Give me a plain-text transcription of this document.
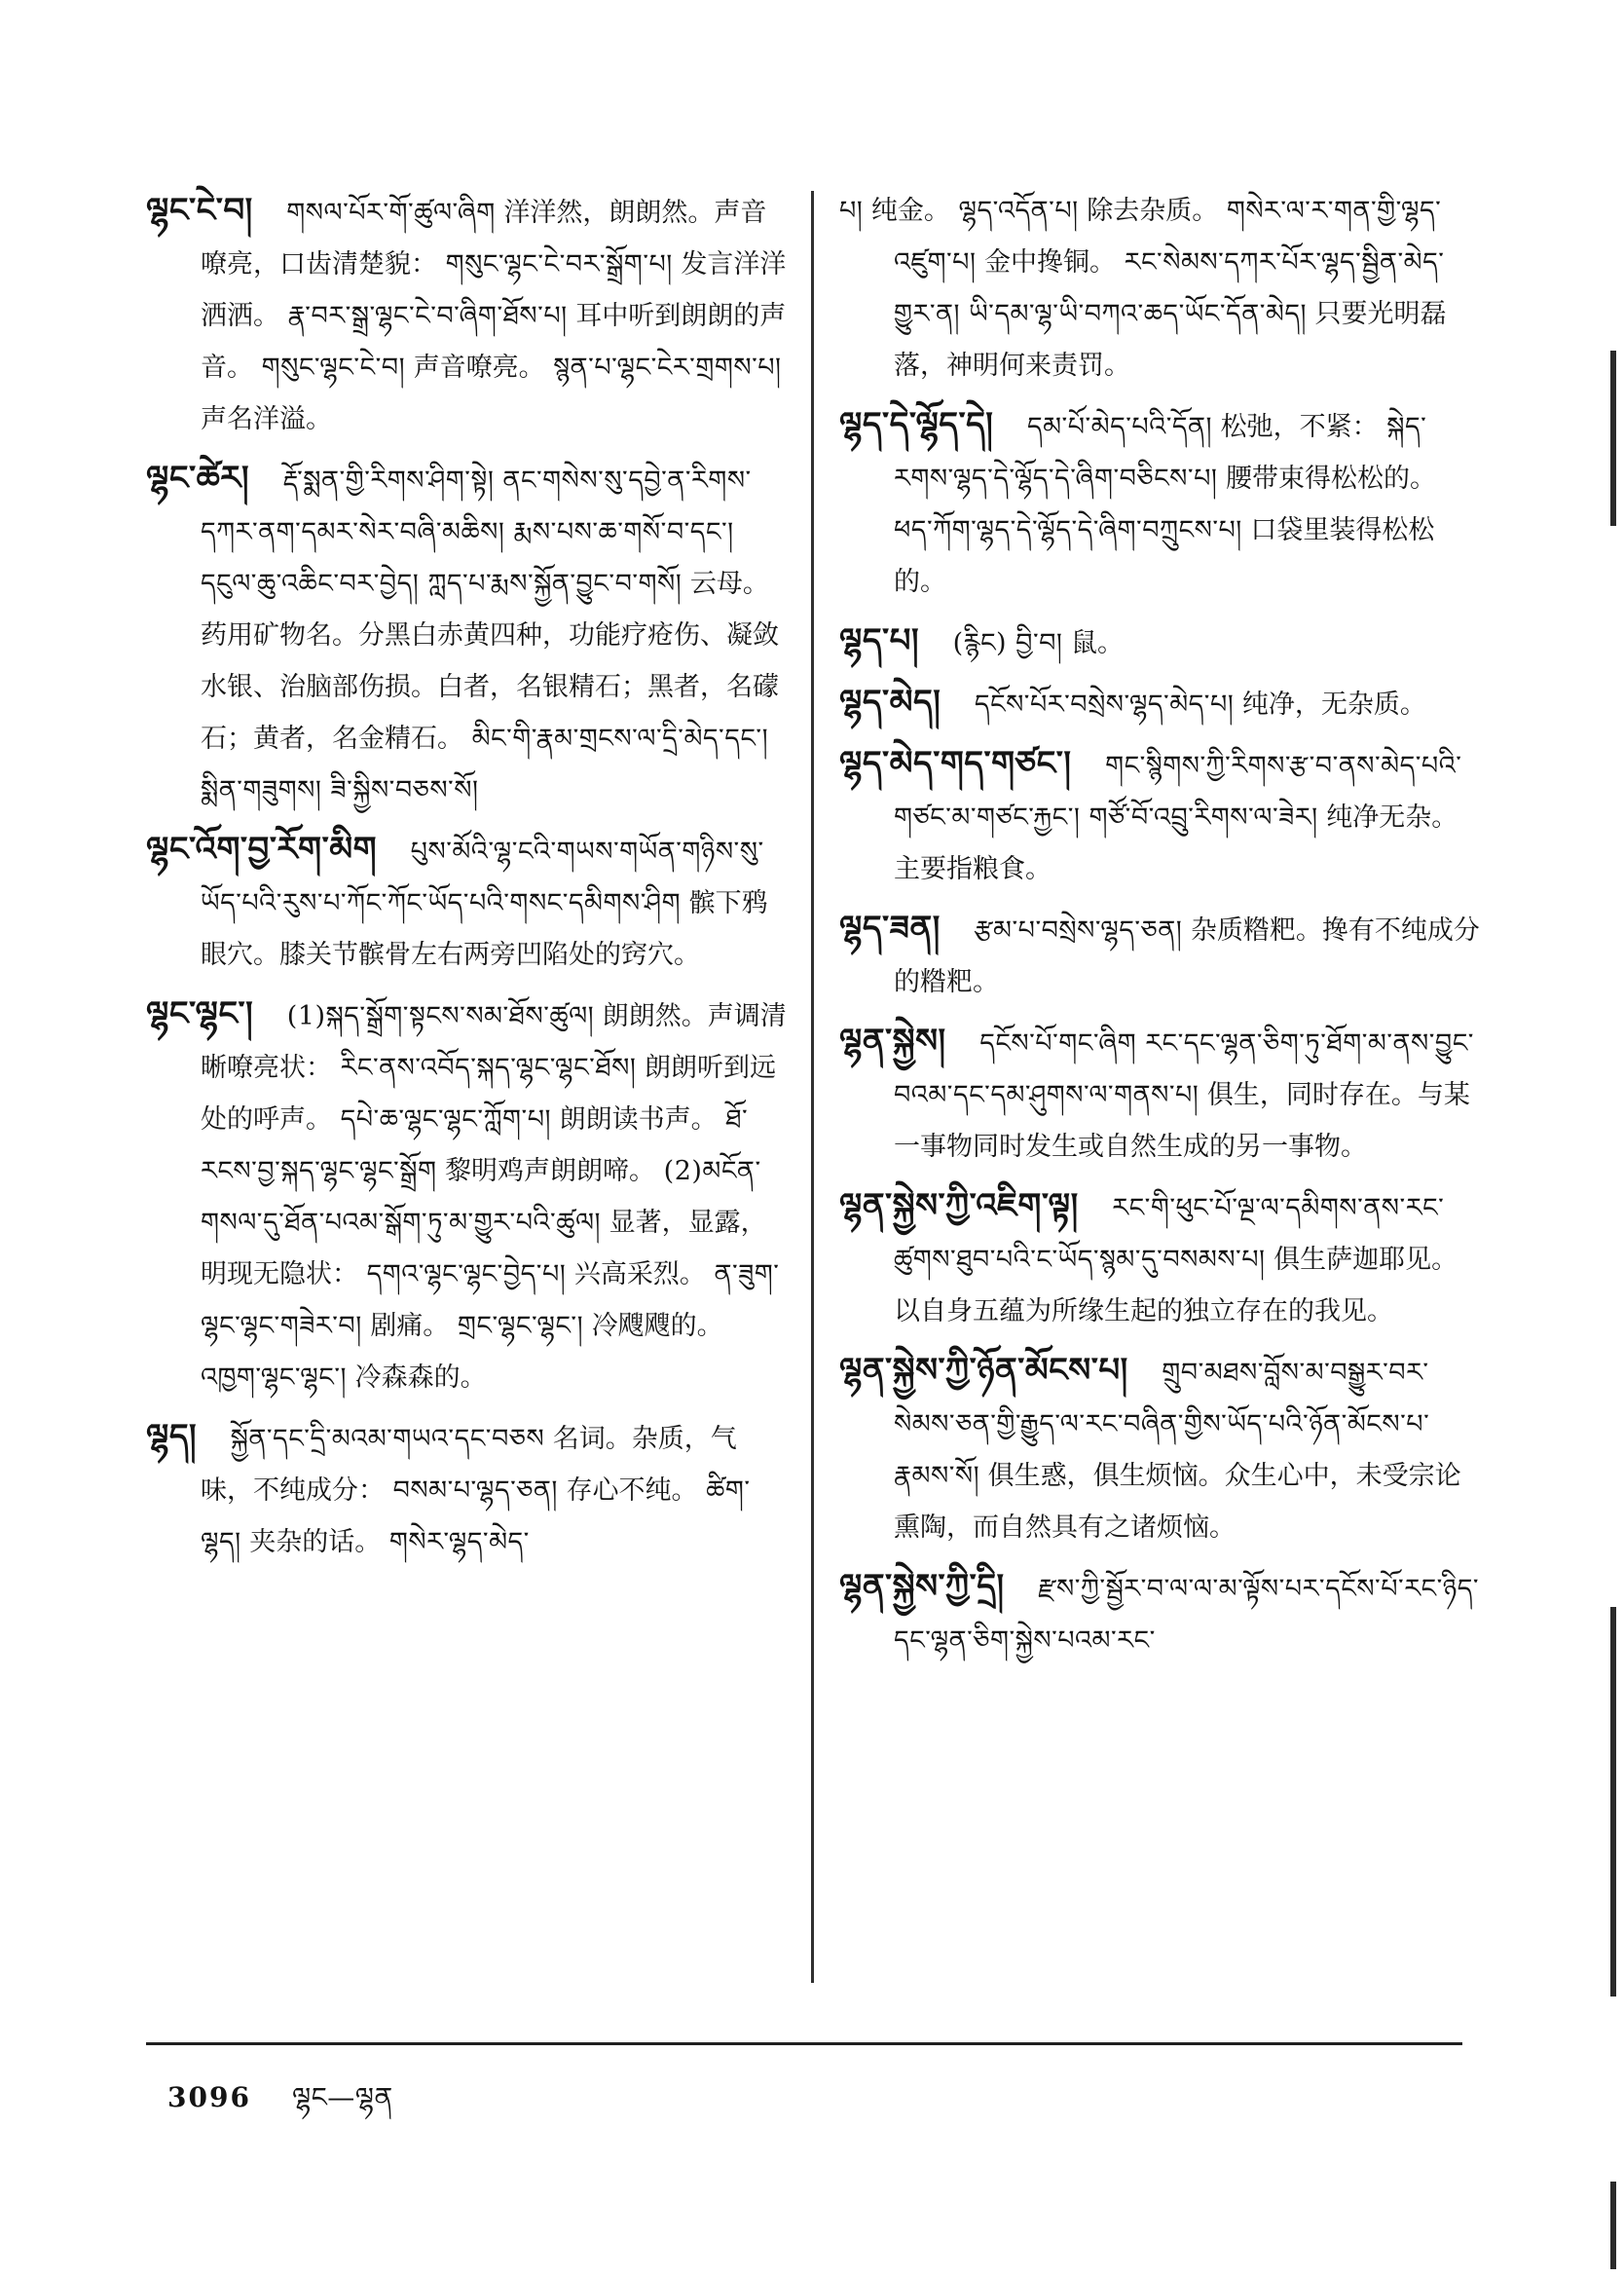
ལྷང་ངེ་བ། གསལ་པོར་གོ་ཚུལ་ཞིག 洋洋然，朗朗然。声音嘹亮，口齿清楚貌： གསུང་ལྷང་ངེ་བར་སྒྲོག་པ། 发言洋洋洒洒。 རྣ་བར་སྒྲ་ལྷང་ངེ་བ་ཞིག་ཐོས་པ། 耳中听到朗朗的声音。 གསུང་ལྷང་ངེ་བ། 声音嘹亮。 སྙན་པ་ལྷང་ངེར་གྲགས་པ། 声名洋溢。

ལྷང་ཚེར། རྡོ་སྨན་གྱི་རིགས་ཤིག་སྟེ། ནང་གསེས་སུ་དབྱེ་ན་རིགས་དཀར་ནག་དམར་སེར་བཞི་མཆིས། རྨས་པས་ཆ་གསོ་བ་དང་། དངུལ་ཆུ་འཆིང་བར་བྱེད། ཀླད་པ་རྨས་སྐྱོན་བྱུང་བ་གསོ། 云母。药用矿物名。分黑白赤黄四种，功能疗疮伤、凝敛水银、治脑部伤损。白者，名银精石；黑者，名礞石；黄者，名金精石。 མིང་གི་རྣམ་གྲངས་ལ་དྲི་མེད་དང་། སྨིན་གཟུགས། ཟི་སྐྱིས་བཅས་སོ།

ལྷང་འོག་བྱ་རོག་མིག པུས་མོའི་ལྷ་ངའི་གཡས་གཡོན་གཉིས་སུ་ཡོད་པའི་རུས་པ་ཀོང་ཀོང་ཡོད་པའི་གསང་དམིགས་ཤིག 髌下鸦眼穴。膝关节髌骨左右两旁凹陷处的窍穴。

ལྷང་ལྷང་། (1)སྐད་སྒྲོག་སྟངས་སམ་ཐོས་ཚུལ། 朗朗然。声调清晰嘹亮状： རིང་ནས་འབོད་སྐད་ལྷང་ལྷང་ཐོས། 朗朗听到远处的呼声。 དཔེ་ཆ་ལྷང་ལྷང་ཀློག་པ། 朗朗读书声。 ཐོ་རངས་བྱ་སྐད་ལྷང་ལྷང་སྒྲོག 黎明鸡声朗朗啼。 (2)མངོན་གསལ་དུ་ཐོན་པའམ་སྒོག་ཏུ་མ་གྱུར་པའི་ཚུལ། 显著，显露，明现无隐状： དགའ་ལྷང་ལྷང་བྱེད་པ། 兴高采烈。 ན་ཟུག་ལྷང་ལྷང་གཟེར་བ། 剧痛。 གྲང་ལྷང་ལྷང་། 冷飕飕的。 འཁྱག་ལྷང་ལྷང་། 冷森森的。

ལྷད། སྐྱོན་དང་དྲི་མའམ་གཡའ་དང་བཅས 名词。杂质，气味，不纯成分： བསམ་པ་ལྷད་ཅན། 存心不纯。 ཚིག་ལྷད། 夹杂的话。 གསེར་ལྷད་མེད་

པ། 纯金。 ལྷད་འདོན་པ། 除去杂质。 གསེར་ལ་ར་གན་གྱི་ལྷད་འཛུག་པ། 金中搀铜。 རང་སེམས་དཀར་པོར་ལྷད་སྦྱིན་མེད་གྱུར་ན། ཡི་དམ་ལྷ་ཡི་བཀའ་ཆད་ཡོང་དོན་མེད། 只要光明磊落，神明何来责罚。

ལྷད་དེ་ལྷོད་དེ། དམ་པོ་མེད་པའི་དོན། 松弛，不紧： སྐེད་རགས་ལྷད་དེ་ལྷོད་དེ་ཞིག་བཅིངས་པ། 腰带束得松松的。 ཕད་ཀོག་ལྷད་དེ་ལྷོད་དེ་ཞིག་བཀྲུངས་པ། 口袋里装得松松的。

ལྷད་པ། (རྙིང) བྱི་བ། 鼠。

ལྷད་མེད། དངོས་པོར་བསྲེས་ལྷད་མེད་པ། 纯净，无杂质。

ལྷད་མེད་གད་གཙང་། གང་སྙིགས་ཀྱི་རིགས་རྩ་བ་ནས་མེད་པའི་གཙང་མ་གཙང་རྐྱང་། གཙོ་བོ་འབྲུ་རིགས་ལ་ཟེར། 纯净无杂。主要指粮食。

ལྷད་ཟན། རྩམ་པ་བསྲེས་ལྷད་ཅན། 杂质糌粑。搀有不纯成分的糌粑。

ལྷན་སྐྱེས། དངོས་པོ་གང་ཞིག རང་དང་ལྷན་ཅིག་ཏུ་ཐོག་མ་ནས་བྱུང་བའམ་དང་དམ་ཤུགས་ལ་གནས་པ། 俱生，同时存在。与某一事物同时发生或自然生成的另一事物。

ལྷན་སྐྱེས་ཀྱི་འཇིག་ལྟ། རང་གི་ཕུང་པོ་ལྔ་ལ་དམིགས་ནས་རང་ཚུགས་ཐུབ་པའི་ང་ཡོད་སྙམ་དུ་བསམས་པ། 俱生萨迦耶见。以自身五蕴为所缘生起的独立存在的我见。

ལྷན་སྐྱེས་ཀྱི་ཉོན་མོངས་པ། གྲུབ་མཐས་བློས་མ་བསྒྱུར་བར་སེམས་ཅན་གྱི་རྒྱུད་ལ་རང་བཞིན་གྱིས་ཡོད་པའི་ཉོན་མོངས་པ་རྣམས་སོ། 俱生惑，俱生烦恼。众生心中，未受宗论熏陶，而自然具有之诸烦恼。

ལྷན་སྐྱེས་ཀྱི་དྲི། རྫས་ཀྱི་སྦྱོར་བ་ལ་ལ་མ་ལྟོས་པར་དངོས་པོ་རང་ཉིད་དང་ལྷན་ཅིག་སྐྱེས་པའམ་རང་

3096 ལྷང—ལྷན
